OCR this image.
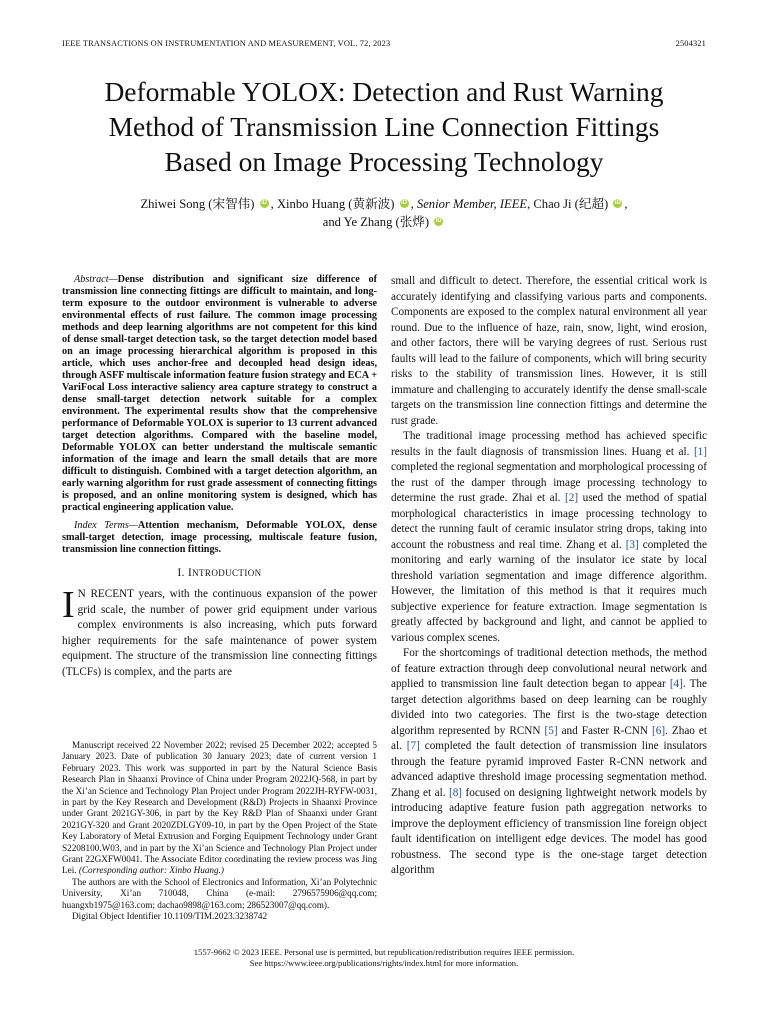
IEEE TRANSACTIONS ON INSTRUMENTATION AND MEASUREMENT, VOL. 72, 2023	2504321
Deformable YOLOX: Detection and Rust Warning
Method of Transmission Line Connection Fittings
Based on Image Processing Technology
Zhiwei Song (宋智伟) iD , Xinbo Huang (黄新波) iD , Senior Member, IEEE, Chao Ji (纪超) iD ,
and Ye Zhang (张烨) iD

Abstract—Dense distribution and significant size difference of transmission line connecting fittings are difficult to maintain, and long-term exposure to the outdoor environment is vulnerable to adverse environmental effects of rust failure. The common image processing methods and deep learning algorithms are not competent for this kind of dense small-target detection task, so the target detection model based on an image processing hierarchical algorithm is proposed in this article, which uses anchor-free and decoupled head design ideas, through ASFF multiscale information feature fusion strategy and ECA + VariFocal Loss interactive saliency area capture strategy to construct a dense small-target detection network suitable for a complex environment. The experimental results show that the comprehensive performance of Deformable YOLOX is superior to 13 current advanced target detection algorithms. Compared with the baseline model, Deformable YOLOX can better understand the multiscale semantic information of the image and learn the small details that are more difficult to distinguish. Combined with a target detection algorithm, an early warning algorithm for rust grade assessment of connecting fittings is proposed, and an online monitoring system is designed, which has practical engineering application value.

Index Terms—Attention mechanism, Deformable YOLOX, dense small-target detection, image processing, multiscale feature fusion, transmission line connection fittings.

I. INTRODUCTION

I N RECENT years, with the continuous expansion of the power grid scale, the number of power grid equipment under various complex environments is also increasing, which puts forward higher requirements for the safe maintenance of power system equipment. The structure of the transmission line connecting fittings (TLCFs) is complex, and the parts are

Manuscript received 22 November 2022; revised 25 December 2022; accepted 5 January 2023. Date of publication 30 January 2023; date of current version 1 February 2023. This work was supported in part by the Natural Science Basis Research Plan in Shaanxi Province of China under Program 2022JQ-568, in part by the Xi’an Science and Technology Plan Project under Program 2022JH-RYFW-0031, in part by the Key Research and Development (R&D) Projects in Shaanxi Province under Grant 2021GY-306, in part by the Key R&D Plan of Shaanxi under Grant 2021GY-320 and Grant 2020ZDLGY09-10, in part by the Open Project of the State Key Laboratory of Metal Extrusion and Forging Equipment Technology under Grant S2208100.W03, and in part by the Xi’an Science and Technology Plan Project under Grant 22GXFW0041. The Associate Editor coordinating the review process was Jing Lei. (Corresponding author: Xinbo Huang.)

The authors are with the School of Electronics and Information, Xi’an Polytechnic University, Xi’an 710048, China (e-mail: 2796575906@qq.com; huangxb1975@163.com; dachao9898@163.com; 286523007@qq.com).

Digital Object Identifier 10.1109/TIM.2023.3238742

small and difficult to detect. Therefore, the essential critical work is accurately identifying and classifying various parts and components. Components are exposed to the complex natural environment all year round. Due to the influence of haze, rain, snow, light, wind erosion, and other factors, there will be varying degrees of rust. Serious rust faults will lead to the failure of components, which will bring security risks to the stability of transmission lines. However, it is still immature and challenging to accurately identify the dense small-scale targets on the transmission line connection fittings and determine the rust grade.

The traditional image processing method has achieved specific results in the fault diagnosis of transmission lines. Huang et al. [1] completed the regional segmentation and morphological processing of the rust of the damper through image processing technology to determine the rust grade. Zhai et al. [2] used the method of spatial morphological characteristics in image processing technology to detect the running fault of ceramic insulator string drops, taking into account the robustness and real time. Zhang et al. [3] completed the monitoring and early warning of the insulator ice state by local threshold variation segmentation and image difference algorithm. However, the limitation of this method is that it requires much subjective experience for feature extraction. Image segmentation is greatly affected by background and light, and cannot be applied to various complex scenes.

For the shortcomings of traditional detection methods, the method of feature extraction through deep convolutional neural network and applied to transmission line fault detection began to appear [4]. The target detection algorithms based on deep learning can be roughly divided into two categories. The first is the two-stage detection algorithm represented by RCNN [5] and Faster R-CNN [6]. Zhao et al. [7] completed the fault detection of transmission line insulators through the feature pyramid improved Faster R-CNN network and advanced adaptive threshold image processing segmentation method. Zhang et al. [8] focused on designing lightweight network models by introducing adaptive feature fusion path aggregation networks to improve the deployment efficiency of transmission line foreign object fault identification on intelligent edge devices. The model has good robustness. The second type is the one-stage target detection algorithm

1557-9662 © 2023 IEEE. Personal use is permitted, but republication/redistribution requires IEEE permission.
See https://www.ieee.org/publications/rights/index.html for more information.
